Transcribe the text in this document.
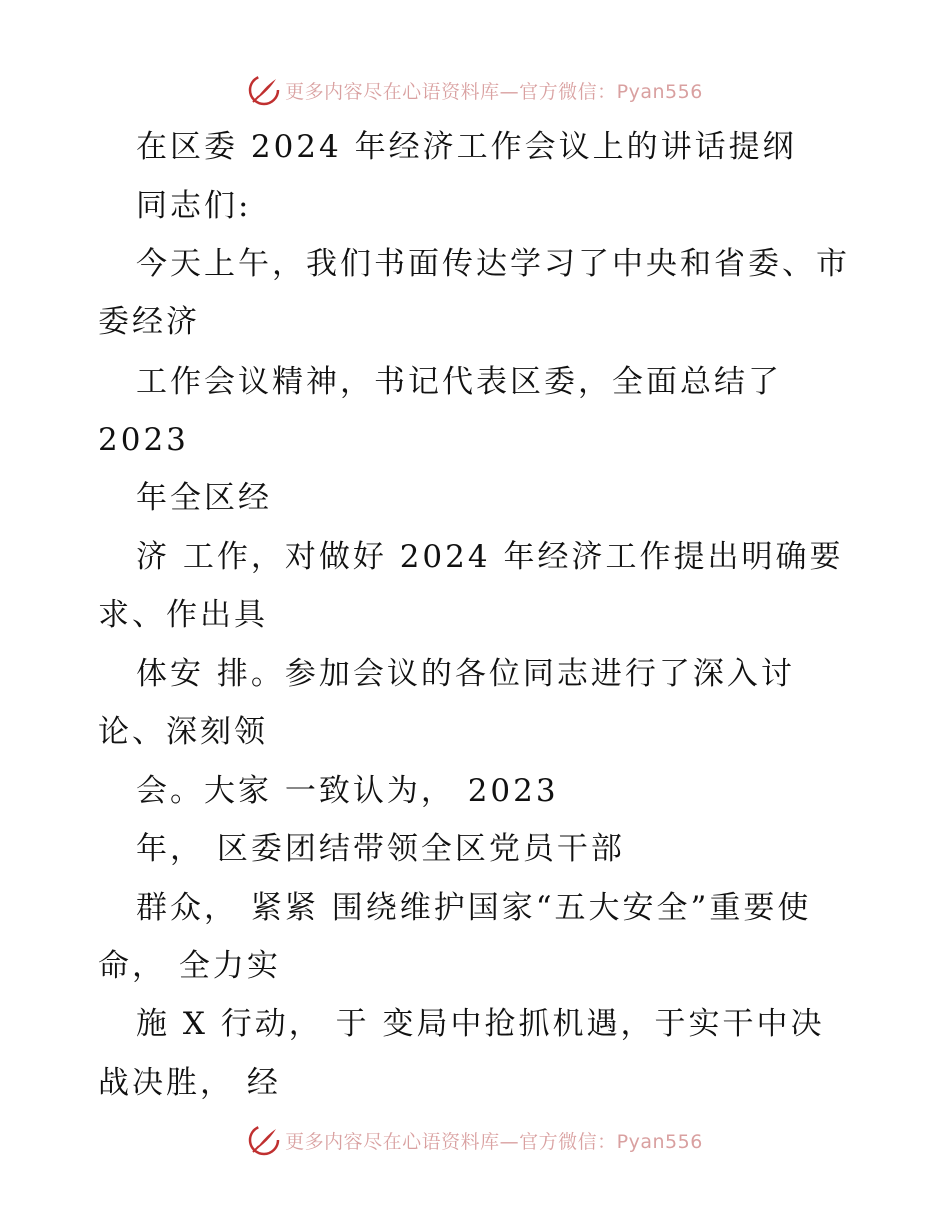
更多内容尽在心语资料库—官方微信：Pyan556
在区委 2024 年经济工作会议上的讲话提纲
同志们:
今天上午，我们书面传达学习了中央和省委、市
委经济
工作会议精神，书记代表区委，全面总结了
2023
年全区经
济 工作，对做好 2024 年经济工作提出明确要
求、作出具
体安 排。参加会议的各位同志进行了深入讨
论、深刻领
会。大家 一致认为， 2023
年， 区委团结带领全区党员干部
群众， 紧紧 围绕维护国家“五大安全”重要使
命， 全力实
施 X 行动， 于 变局中抢抓机遇，于实干中决
战决胜， 经
更多内容尽在心语资料库—官方微信：Pyan556
